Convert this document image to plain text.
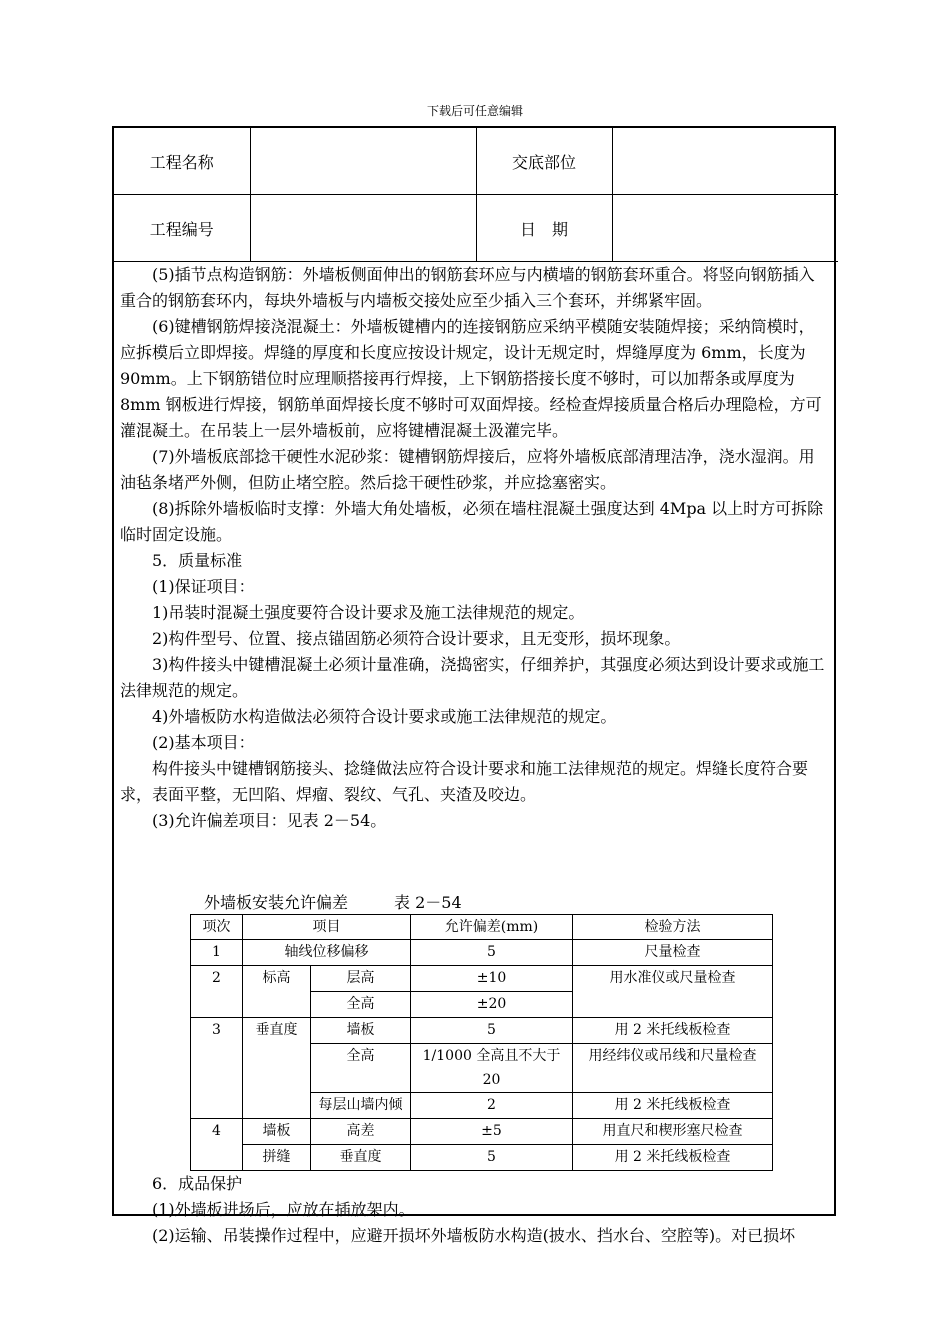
下载后可任意编辑
工程名称		交底部位	
工程编号		日　期	

(5)插节点构造钢筋：外墙板侧面伸出的钢筋套环应与内横墙的钢筋套环重合。将竖向钢筋插入重合的钢筋套环内，每块外墙板与内墙板交接处应至少插入三个套环，并绑紧牢固。

(6)键槽钢筋焊接浇混凝土：外墙板键槽内的连接钢筋应采纳平模随安装随焊接；采纳筒模时，应拆模后立即焊接。焊缝的厚度和长度应按设计规定，设计无规定时，焊缝厚度为 6mm，长度为 90mm。上下钢筋错位时应理顺搭接再行焊接，上下钢筋搭接长度不够时，可以加帮条或厚度为 8mm 钢板进行焊接，钢筋单面焊接长度不够时可双面焊接。经检查焊接质量合格后办理隐检，方可灌混凝土。在吊装上一层外墙板前，应将键槽混凝土汲灌完毕。

(7)外墙板底部捻干硬性水泥砂浆：键槽钢筋焊接后，应将外墙板底部清理洁净，浇水湿润。用油毡条堵严外侧，但防止堵空腔。然后捻干硬性砂浆，并应捻塞密实。

(8)拆除外墙板临时支撑：外墙大角处墙板，必须在墙柱混凝土强度达到 4Mpa 以上时方可拆除临时固定设施。

5．质量标准

(1)保证项目：

1)吊装时混凝土强度要符合设计要求及施工法律规范的规定。

2)构件型号、位置、接点锚固筋必须符合设计要求，且无变形，损坏现象。

3)构件接头中键槽混凝土必须计量准确，浇捣密实，仔细养护，其强度必须达到设计要求或施工法律规范的规定。

4)外墙板防水构造做法必须符合设计要求或施工法律规范的规定。

(2)基本项目：

构件接头中键槽钢筋接头、捻缝做法应符合设计要求和施工法律规范的规定。焊缝长度符合要求，表面平整，无凹陷、焊瘤、裂纹、气孔、夹渣及咬边。

(3)允许偏差项目：见表 2－54。

外墙板安装允许偏差	表 2－54
项次	项目		允许偏差(mm)	检验方法
1	轴线位移偏移		5	尺量检查
2	标高	层高	±10	用水准仪或尺量检查
		全高	±20	
3	垂直度	墙板	5	用 2 米托线板检查
		全高	1/1000 全高且不大于 20	用经纬仪或吊线和尺量检查
		每层山墙内倾	2	用 2 米托线板检查
4	墙板	高差	±5	用直尺和楔形塞尺检查
	拼缝	垂直度	5	用 2 米托线板检查

6．成品保护

(1)外墙板进场后，应放在插放架内。

(2)运输、吊装操作过程中，应避开损坏外墙板防水构造(披水、挡水台、空腔等)。对已损坏
